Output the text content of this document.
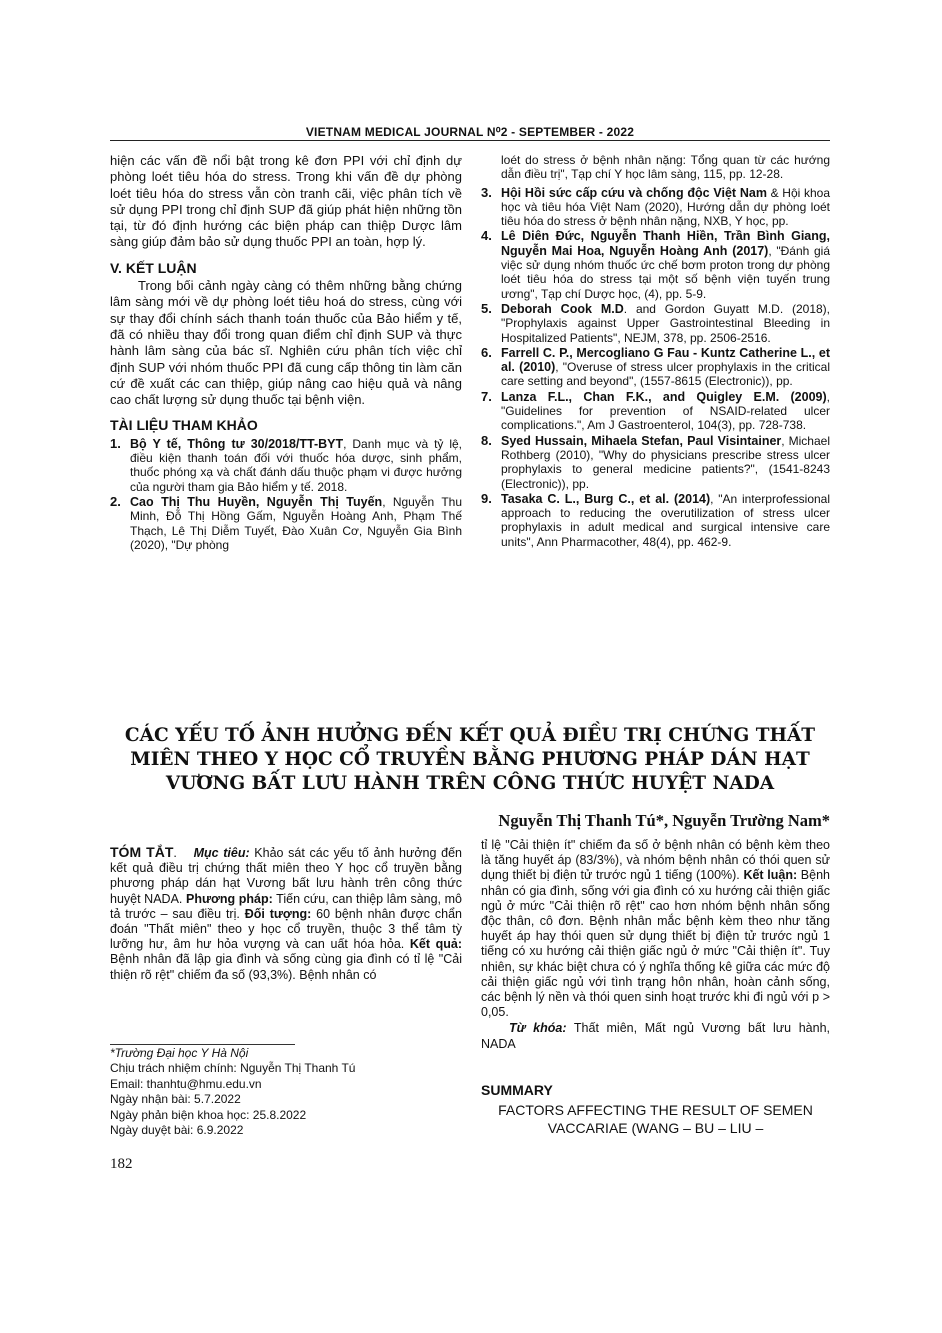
VIETNAM MEDICAL JOURNAL N⁰2 - SEPTEMBER - 2022

hiện các vấn đề nổi bật trong kê đơn PPI với chỉ định dự phòng loét tiêu hóa do stress. Trong khi vấn đề dự phòng loét tiêu hóa do stress vẫn còn tranh cãi, việc phân tích về sử dụng PPI trong chỉ định SUP đã giúp phát hiện những tồn tại, từ đó định hướng các biện pháp can thiệp Dược lâm sàng giúp đảm bảo sử dụng thuốc PPI an toàn, hợp lý.

V. KẾT LUẬN

Trong bối cảnh ngày càng có thêm những bằng chứng lâm sàng mới về dự phòng loét tiêu hoá do stress, cùng với sự thay đổi chính sách thanh toán thuốc của Bảo hiểm y tế, đã có nhiều thay đổi trong quan điểm chỉ định SUP và thực hành lâm sàng của bác sĩ. Nghiên cứu phân tích việc chỉ định SUP với nhóm thuốc PPI đã cung cấp thông tin làm căn cứ đề xuất các can thiệp, giúp nâng cao hiệu quả và nâng cao chất lượng sử dụng thuốc tại bệnh viện.

TÀI LIỆU THAM KHẢO
1. Bộ Y tế, Thông tư 30/2018/TT-BYT, Danh mục và tỷ lệ, điều kiện thanh toán đối với thuốc hóa dược, sinh phẩm, thuốc phóng xạ và chất đánh dấu thuộc phạm vi được hưởng của người tham gia Bảo hiểm y tế. 2018.
2. Cao Thị Thu Huyền, Nguyễn Thị Tuyến, Nguyễn Thu Minh, Đỗ Thị Hồng Gấm, Nguyễn Hoàng Anh, Phạm Thế Thạch, Lê Thị Diễm Tuyết, Đào Xuân Cơ, Nguyễn Gia Bình (2020), "Dự phòng
loét do stress ở bệnh nhân nặng: Tổng quan từ các hướng dẫn điều trị", Tạp chí Y học lâm sàng, 115, pp. 12-28.
3. Hội Hồi sức cấp cứu và chống độc Việt Nam & Hội khoa học và tiêu hóa Việt Nam (2020), Hướng dẫn dự phòng loét tiêu hóa do stress ở bệnh nhân nặng, NXB, Y học, pp.
4. Lê Diên Đức, Nguyễn Thanh Hiền, Trần Bình Giang, Nguyễn Mai Hoa, Nguyễn Hoàng Anh (2017), "Đánh giá việc sử dụng nhóm thuốc ức chế bơm proton trong dự phòng loét tiêu hóa do stress tại một số bệnh viện tuyến trung ương", Tạp chí Dược học, (4), pp. 5-9.
5. Deborah Cook M.D. and Gordon Guyatt M.D. (2018), "Prophylaxis against Upper Gastrointestinal Bleeding in Hospitalized Patients", NEJM, 378, pp. 2506-2516.
6. Farrell C. P., Mercogliano G Fau - Kuntz Catherine L., et al. (2010), "Overuse of stress ulcer prophylaxis in the critical care setting and beyond", (1557-8615 (Electronic)), pp.
7. Lanza F.L., Chan F.K., and Quigley E.M. (2009), "Guidelines for prevention of NSAID-related ulcer complications.", Am J Gastroenterol, 104(3), pp. 728-738.
8. Syed Hussain, Mihaela Stefan, Paul Visintainer, Michael Rothberg (2010), "Why do physicians prescribe stress ulcer prophylaxis to general medicine patients?", (1541-8243 (Electronic)), pp.
9. Tasaka C. L., Burg C., et al. (2014), "An interprofessional approach to reducing the overutilization of stress ulcer prophylaxis in adult medical and surgical intensive care units", Ann Pharmacother, 48(4), pp. 462-9.
CÁC YẾU TỐ ẢNH HƯỞNG ĐẾN KẾT QUẢ ĐIỀU TRỊ CHỨNG THẤT MIÊN THEO Y HỌC CỔ TRUYỀN BẰNG PHƯƠNG PHÁP DÁN HẠT VƯƠNG BẤT LƯU HÀNH TRÊN CÔNG THỨC HUYỆT NADA
Nguyễn Thị Thanh Tú*, Nguyễn Trường Nam*

TÓM TẮT. Mục tiêu: Khảo sát các yếu tố ảnh hưởng đến kết quả điều trị chứng thất miên theo Y học cổ truyền bằng phương pháp dán hạt Vương bất lưu hành trên công thức huyệt NADA. Phương pháp: Tiến cứu, can thiệp lâm sàng, mô tả trước – sau điều trị. Đối tượng: 60 bệnh nhân được chẩn đoán "Thất miên" theo y học cổ truyền, thuộc 3 thể tâm tỳ lưỡng hư, âm hư hỏa vượng và can uất hóa hỏa. Kết quả: Bệnh nhân đã lập gia đình và sống cùng gia đình có tỉ lệ "Cải thiện rõ rệt" chiếm đa số (93,3%). Bệnh nhân có

tỉ lệ "Cải thiện ít" chiếm đa số ở bệnh nhân có bệnh kèm theo là tăng huyết áp (83/3%), và nhóm bệnh nhân có thói quen sử dụng thiết bị điện tử trước ngủ 1 tiếng (100%). Kết luận: Bệnh nhân có gia đình, sống với gia đình có xu hướng cải thiện giấc ngủ ở mức "Cải thiện rõ rệt" cao hơn nhóm bệnh nhân sống độc thân, cô đơn. Bệnh nhân mắc bệnh kèm theo như tăng huyết áp hay thói quen sử dụng thiết bị điện tử trước ngủ 1 tiếng có xu hướng cải thiện giấc ngủ ở mức "Cải thiện ít". Tuy nhiên, sự khác biệt chưa có ý nghĩa thống kê giữa các mức độ cải thiện giấc ngủ với tình trạng hôn nhân, hoàn cảnh sống, các bệnh lý nền và thói quen sinh hoạt trước khi đi ngủ với p > 0,05.

Từ khóa: Thất miên, Mất ngủ Vương bất lưu hành, NADA

*Trường Đại học Y Hà Nội
Chịu trách nhiệm chính: Nguyễn Thị Thanh Tú
Email: thanhtu@hmu.edu.vn
Ngày nhận bài: 5.7.2022
Ngày phản biện khoa học: 25.8.2022
Ngày duyệt bài: 6.9.2022
182
SUMMARY
FACTORS AFFECTING THE RESULT OF SEMEN VACCARIAE (WANG – BU – LIU –
